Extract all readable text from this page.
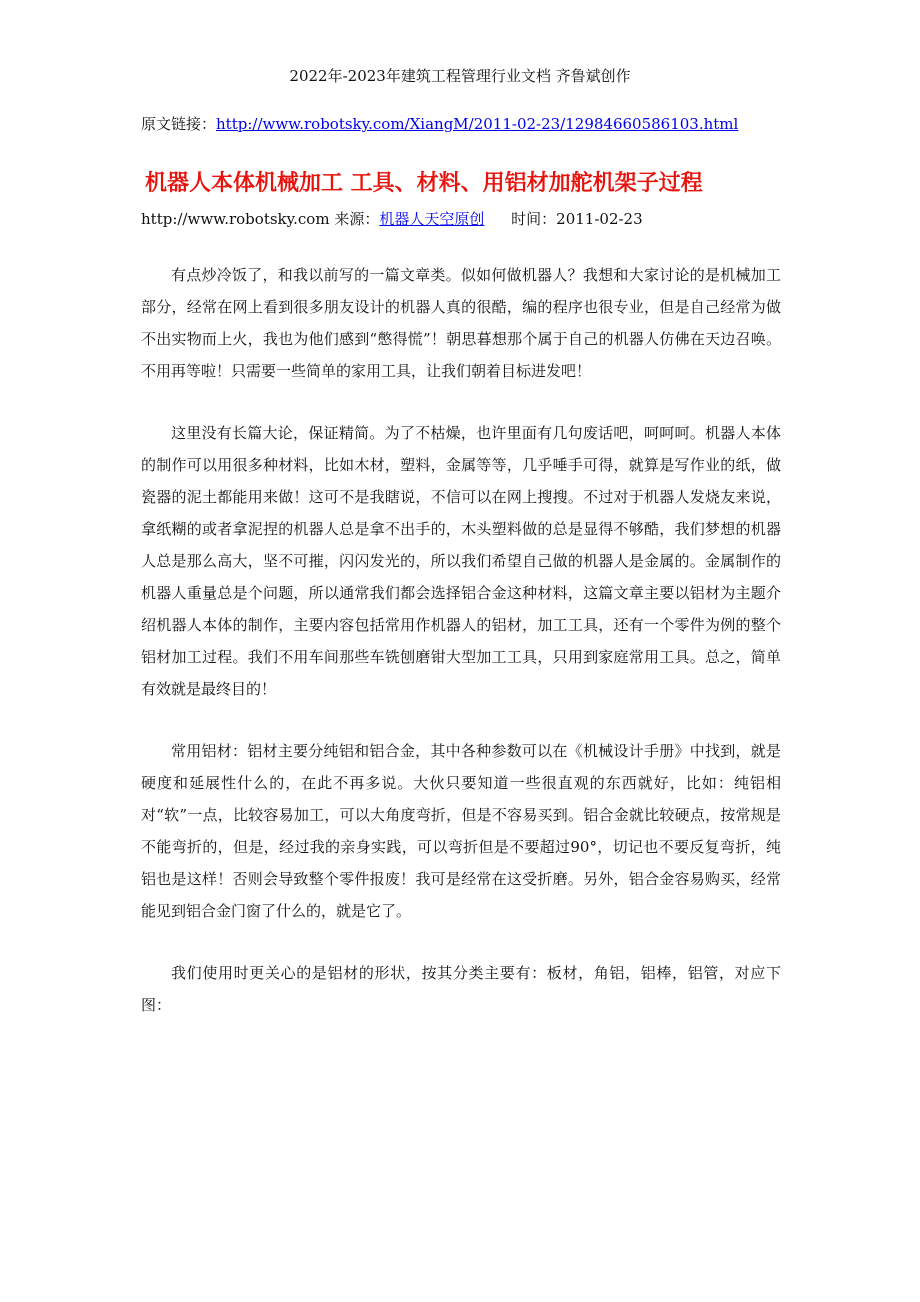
2022年-2023年建筑工程管理行业文档 齐鲁斌创作
原文链接：http://www.robotsky.com/XiangM/2011-02-23/12984660586103.html
机器人本体机械加工 工具、材料、用铝材加舵机架子过程
http://www.robotsky.com 来源：机器人天空原创 时间：2011-02-23

有点炒冷饭了，和我以前写的一篇文章类。似如何做机器人？我想和大家讨论的是机械加工部分，经常在网上看到很多朋友设计的机器人真的很酷，编的程序也很专业，但是自己经常为做不出实物而上火，我也为他们感到“憋得慌”！朝思暮想那个属于自己的机器人仿佛在天边召唤。不用再等啦！只需要一些简单的家用工具，让我们朝着目标进发吧！

这里没有长篇大论，保证精简。为了不枯燥，也许里面有几句废话吧，呵呵呵。机器人本体的制作可以用很多种材料，比如木材，塑料，金属等等，几乎唾手可得，就算是写作业的纸，做瓷器的泥土都能用来做！这可不是我瞎说，不信可以在网上搜搜。不过对于机器人发烧友来说，拿纸糊的或者拿泥捏的机器人总是拿不出手的，木头塑料做的总是显得不够酷，我们梦想的机器人总是那么高大，坚不可摧，闪闪发光的，所以我们希望自己做的机器人是金属的。金属制作的机器人重量总是个问题，所以通常我们都会选择铝合金这种材料，这篇文章主要以铝材为主题介绍机器人本体的制作，主要内容包括常用作机器人的铝材，加工工具，还有一个零件为例的整个铝材加工过程。我们不用车间那些车铣刨磨钳大型加工工具，只用到家庭常用工具。总之，简单有效就是最终目的！

常用铝材：铝材主要分纯铝和铝合金，其中各种参数可以在《机械设计手册》中找到，就是硬度和延展性什么的，在此不再多说。大伙只要知道一些很直观的东西就好，比如：纯铝相对“软”一点，比较容易加工，可以大角度弯折，但是不容易买到。铝合金就比较硬点，按常规是不能弯折的，但是，经过我的亲身实践，可以弯折但是不要超过90°，切记也不要反复弯折，纯铝也是这样！否则会导致整个零件报废！我可是经常在这受折磨。另外，铝合金容易购买，经常能见到铝合金门窗了什么的，就是它了。

我们使用时更关心的是铝材的形状，按其分类主要有：板材，角铝，铝棒，铝管，对应下图：
